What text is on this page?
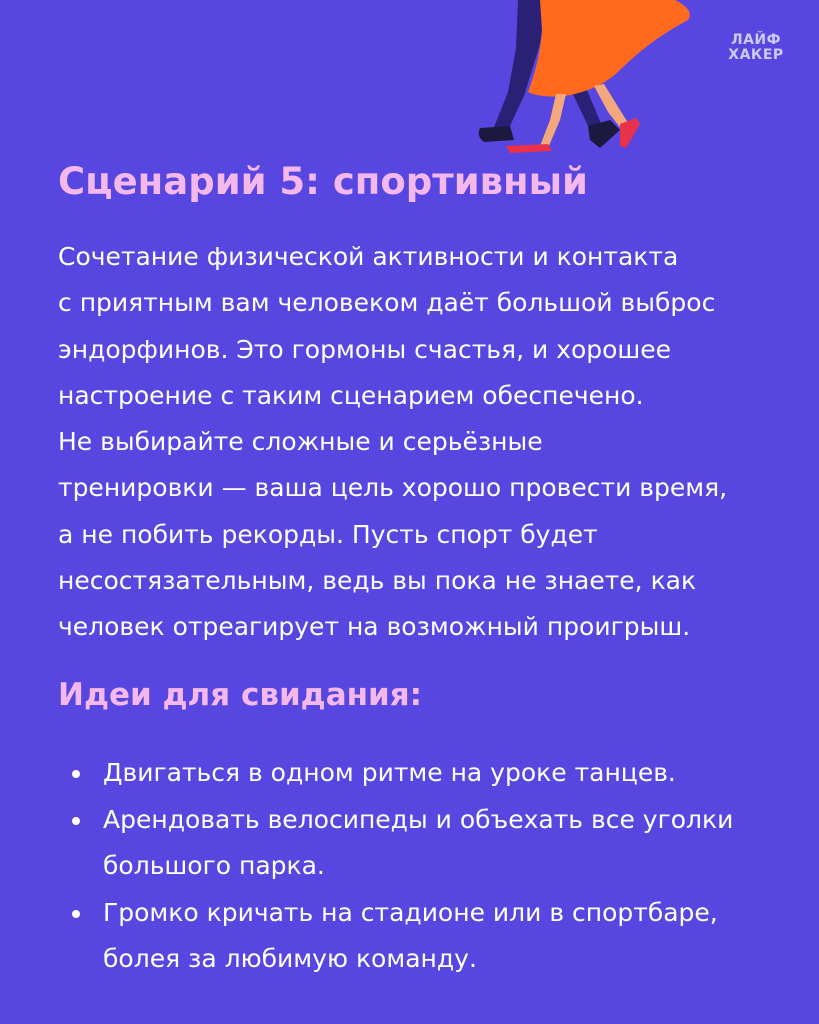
ЛАЙФ
ХАКЕР
Сценарий 5: спортивный
Сочетание физической активности и контакта
с приятным вам человеком даёт большой выброс
эндорфинов. Это гормоны счастья, и хорошее
настроение с таким сценарием обеспечено.
Не выбирайте сложные и серьёзные
тренировки — ваша цель хорошо провести время,
а не побить рекорды. Пусть спорт будет
несостязательным, ведь вы пока не знаете, как
человек отреагирует на возможный проигрыш.
Идеи для свидания:
Двигаться в одном ритме на уроке танцев.
Арендовать велосипеды и объехать все уголки
большого парка.
Громко кричать на стадионе или в спортбаре,
болея за любимую команду.
